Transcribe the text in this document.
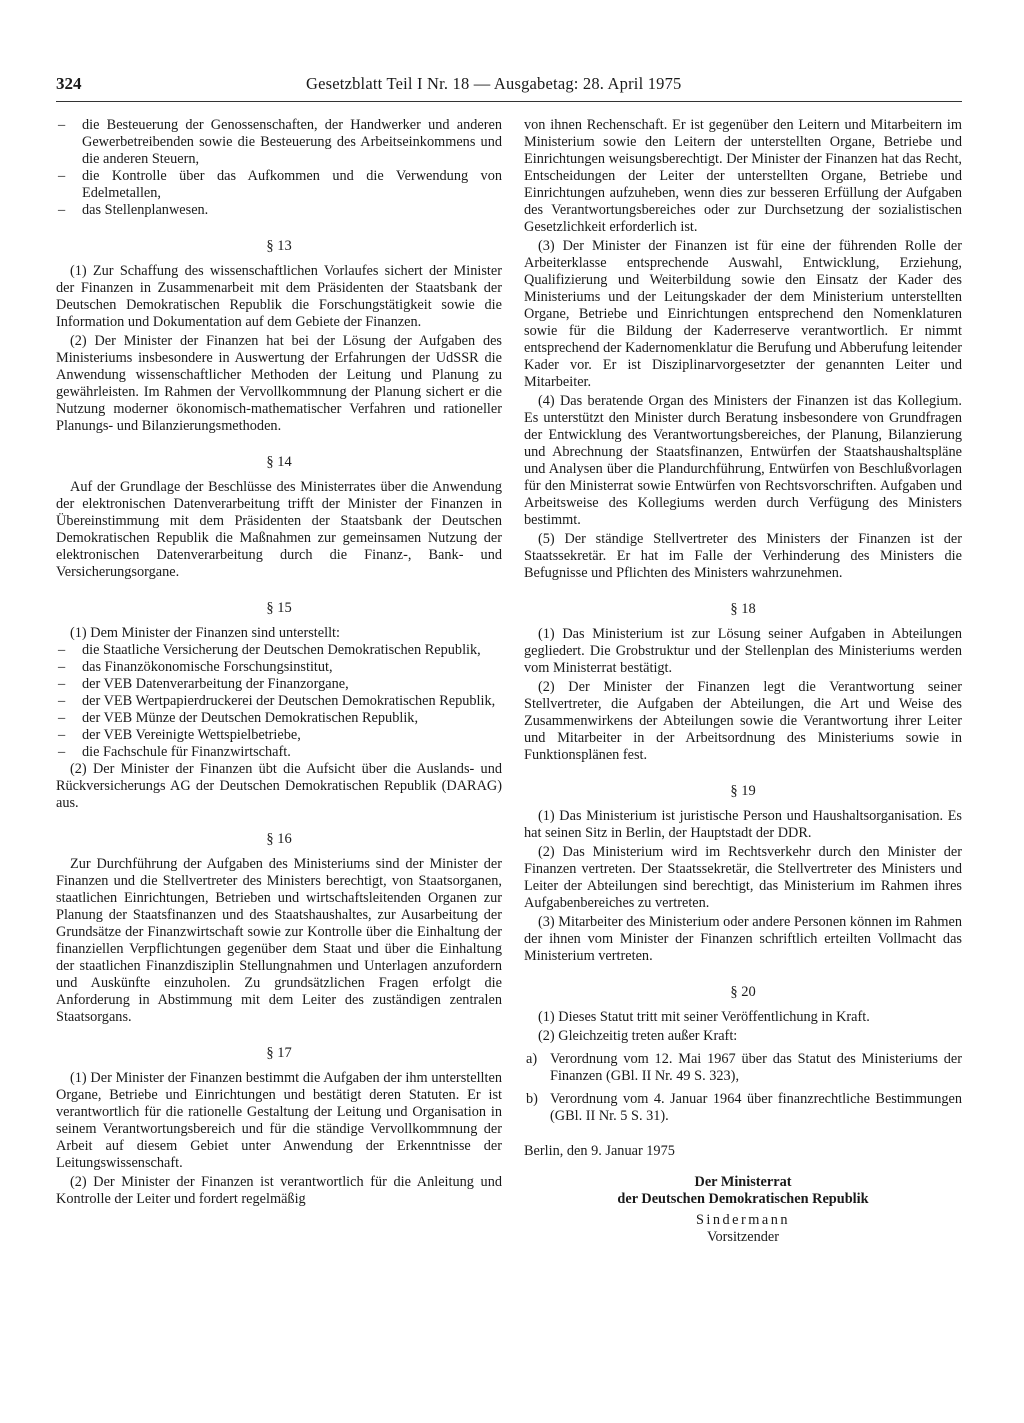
324	Gesetzblatt Teil I Nr. 18 — Ausgabetag: 28. April 1975

– die Besteuerung der Genossenschaften, der Handwerker und anderen Gewerbetreibenden sowie die Besteuerung des Arbeitseinkommens und die anderen Steuern,

– die Kontrolle über das Aufkommen und die Verwendung von Edelmetallen,

– das Stellenplanwesen.

§ 13

(1) Zur Schaffung des wissenschaftlichen Vorlaufes sichert der Minister der Finanzen in Zusammenarbeit mit dem Präsidenten der Staatsbank der Deutschen Demokratischen Republik die Forschungstätigkeit sowie die Information und Dokumentation auf dem Gebiete der Finanzen.

(2) Der Minister der Finanzen hat bei der Lösung der Aufgaben des Ministeriums insbesondere in Auswertung der Erfahrungen der UdSSR die Anwendung wissenschaftlicher Methoden der Leitung und Planung zu gewährleisten. Im Rahmen der Vervollkommnung der Planung sichert er die Nutzung moderner ökonomisch-mathematischer Verfahren und rationeller Planungs- und Bilanzierungsmethoden.

§ 14

Auf der Grundlage der Beschlüsse des Ministerrates über die Anwendung der elektronischen Datenverarbeitung trifft der Minister der Finanzen in Übereinstimmung mit dem Präsidenten der Staatsbank der Deutschen Demokratischen Republik die Maßnahmen zur gemeinsamen Nutzung der elektronischen Datenverarbeitung durch die Finanz-, Bank- und Versicherungsorgane.

§ 15

(1) Dem Minister der Finanzen sind unterstellt:

– die Staatliche Versicherung der Deutschen Demokratischen Republik,

– das Finanzökonomische Forschungsinstitut,

– der VEB Datenverarbeitung der Finanzorgane,

– der VEB Wertpapierdruckerei der Deutschen Demokratischen Republik,

– der VEB Münze der Deutschen Demokratischen Republik,

– der VEB Vereinigte Wettspielbetriebe,

– die Fachschule für Finanzwirtschaft.

(2) Der Minister der Finanzen übt die Aufsicht über die Auslands- und Rückversicherungs AG der Deutschen Demokratischen Republik (DARAG) aus.

§ 16

Zur Durchführung der Aufgaben des Ministeriums sind der Minister der Finanzen und die Stellvertreter des Ministers berechtigt, von Staatsorganen, staatlichen Einrichtungen, Betrieben und wirtschaftsleitenden Organen zur Planung der Staatsfinanzen und des Staatshaushaltes, zur Ausarbeitung der Grundsätze der Finanzwirtschaft sowie zur Kontrolle über die Einhaltung der finanziellen Verpflichtungen gegenüber dem Staat und über die Einhaltung der staatlichen Finanzdisziplin Stellungnahmen und Unterlagen anzufordern und Auskünfte einzuholen. Zu grundsätzlichen Fragen erfolgt die Anforderung in Abstimmung mit dem Leiter des zuständigen zentralen Staatsorgans.

§ 17

(1) Der Minister der Finanzen bestimmt die Aufgaben der ihm unterstellten Organe, Betriebe und Einrichtungen und bestätigt deren Statuten. Er ist verantwortlich für die rationelle Gestaltung der Leitung und Organisation in seinem Verantwortungsbereich und für die ständige Vervollkommnung der Arbeit auf diesem Gebiet unter Anwendung der Erkenntnisse der Leitungswissenschaft.

(2) Der Minister der Finanzen ist verantwortlich für die Anleitung und Kontrolle der Leiter und fordert regelmäßig

von ihnen Rechenschaft. Er ist gegenüber den Leitern und Mitarbeitern im Ministerium sowie den Leitern der unterstellten Organe, Betriebe und Einrichtungen weisungsberechtigt. Der Minister der Finanzen hat das Recht, Entscheidungen der Leiter der unterstellten Organe, Betriebe und Einrichtungen aufzuheben, wenn dies zur besseren Erfüllung der Aufgaben des Verantwortungsbereiches oder zur Durchsetzung der sozialistischen Gesetzlichkeit erforderlich ist.

(3) Der Minister der Finanzen ist für eine der führenden Rolle der Arbeiterklasse entsprechende Auswahl, Entwicklung, Erziehung, Qualifizierung und Weiterbildung sowie den Einsatz der Kader des Ministeriums und der Leitungskader der dem Ministerium unterstellten Organe, Betriebe und Einrichtungen entsprechend den Nomenklaturen sowie für die Bildung der Kaderreserve verantwortlich. Er nimmt entsprechend der Kadernomenklatur die Berufung und Abberufung leitender Kader vor. Er ist Disziplinarvorgesetzter der genannten Leiter und Mitarbeiter.

(4) Das beratende Organ des Ministers der Finanzen ist das Kollegium. Es unterstützt den Minister durch Beratung insbesondere von Grundfragen der Entwicklung des Verantwortungsbereiches, der Planung, Bilanzierung und Abrechnung der Staatsfinanzen, Entwürfen der Staatshaushaltspläne und Analysen über die Plandurchführung, Entwürfen von Beschlußvorlagen für den Ministerrat sowie Entwürfen von Rechtsvorschriften. Aufgaben und Arbeitsweise des Kollegiums werden durch Verfügung des Ministers bestimmt.

(5) Der ständige Stellvertreter des Ministers der Finanzen ist der Staatssekretär. Er hat im Falle der Verhinderung des Ministers die Befugnisse und Pflichten des Ministers wahrzunehmen.

§ 18

(1) Das Ministerium ist zur Lösung seiner Aufgaben in Abteilungen gegliedert. Die Grobstruktur und der Stellenplan des Ministeriums werden vom Ministerrat bestätigt.

(2) Der Minister der Finanzen legt die Verantwortung seiner Stellvertreter, die Aufgaben der Abteilungen, die Art und Weise des Zusammenwirkens der Abteilungen sowie die Verantwortung ihrer Leiter und Mitarbeiter in der Arbeitsordnung des Ministeriums sowie in Funktionsplänen fest.

§ 19

(1) Das Ministerium ist juristische Person und Haushaltsorganisation. Es hat seinen Sitz in Berlin, der Hauptstadt der DDR.

(2) Das Ministerium wird im Rechtsverkehr durch den Minister der Finanzen vertreten. Der Staatssekretär, die Stellvertreter des Ministers und Leiter der Abteilungen sind berechtigt, das Ministerium im Rahmen ihres Aufgabenbereiches zu vertreten.

(3) Mitarbeiter des Ministerium oder andere Personen können im Rahmen der ihnen vom Minister der Finanzen schriftlich erteilten Vollmacht das Ministerium vertreten.

§ 20

(1) Dieses Statut tritt mit seiner Veröffentlichung in Kraft.

(2) Gleichzeitig treten außer Kraft:

a) Verordnung vom 12. Mai 1967 über das Statut des Ministeriums der Finanzen (GBl. II Nr. 49 S. 323),

b) Verordnung vom 4. Januar 1964 über finanzrechtliche Bestimmungen (GBl. II Nr. 5 S. 31).

Berlin, den 9. Januar 1975

Der Ministerrat
der Deutschen Demokratischen Republik
Sindermann
Vorsitzender
